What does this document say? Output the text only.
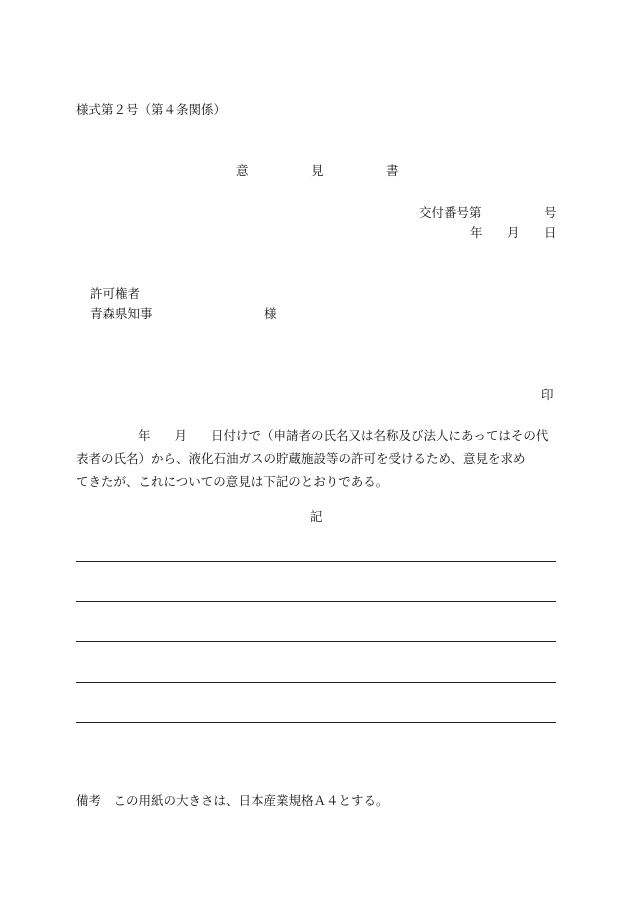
様式第２号（第４条関係）
意	見	書
交付番号第	号
年 月 日
許可権者
青森県知事	様
印

年 月 日付けで（申請者の氏名又は名称及び法人にあってはその代

表者の氏名）から、液化石油ガスの貯蔵施設等の許可を受けるため、意見を求め

てきたが、これについての意見は下記のとおりである。

記
備考　この用紙の大きさは、日本産業規格Ａ４とする。
